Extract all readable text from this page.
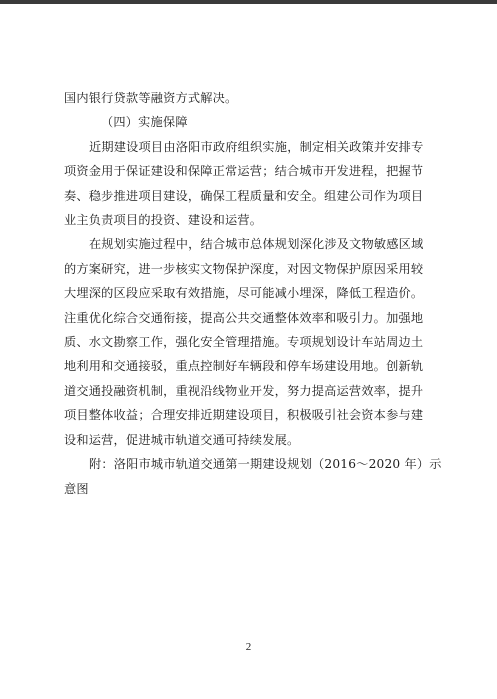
国内银行贷款等融资方式解决。
（四）实施保障
近期建设项目由洛阳市政府组织实施，制定相关政策并安排专
项资金用于保证建设和保障正常运营；结合城市开发进程，把握节
奏、稳步推进项目建设，确保工程质量和安全。组建公司作为项目
业主负责项目的投资、建设和运营。
在规划实施过程中，结合城市总体规划深化涉及文物敏感区域
的方案研究，进一步核实文物保护深度，对因文物保护原因采用较
大埋深的区段应采取有效措施，尽可能减小埋深，降低工程造价。
注重优化综合交通衔接，提高公共交通整体效率和吸引力。加强地
质、水文勘察工作，强化安全管理措施。专项规划设计车站周边土
地利用和交通接驳，重点控制好车辆段和停车场建设用地。创新轨
道交通投融资机制，重视沿线物业开发，努力提高运营效率，提升
项目整体收益；合理安排近期建设项目，积极吸引社会资本参与建
设和运营，促进城市轨道交通可持续发展。
附：洛阳市城市轨道交通第一期建设规划（2016～2020 年）示
意图
2
